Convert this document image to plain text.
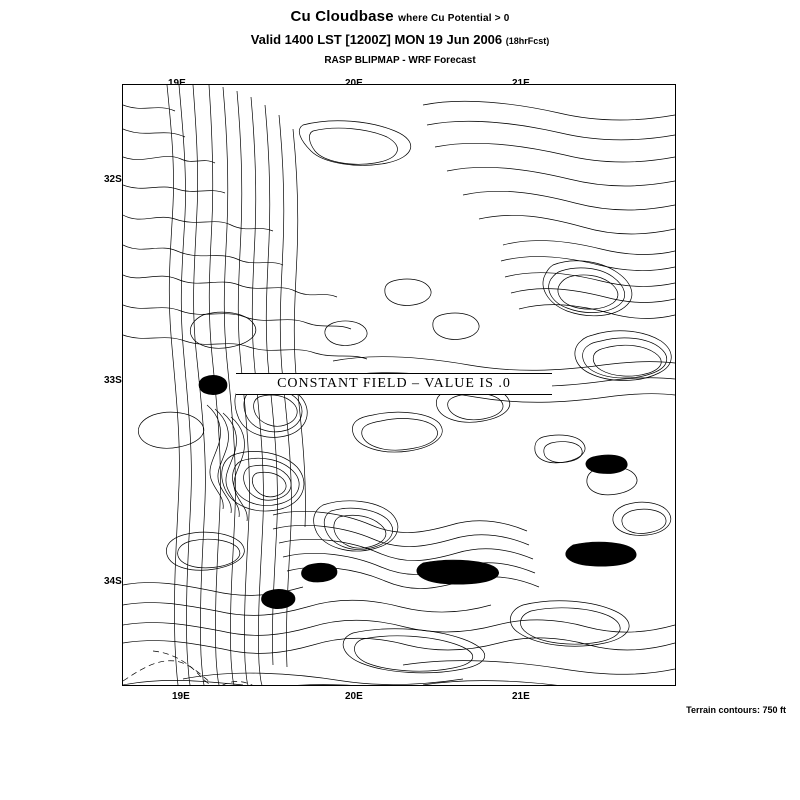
Cu Cloudbase where Cu Potential > 0
Valid 1400 LST [1200Z] MON 19 Jun 2006 (18hrFcst)
RASP BLIPMAP - WRF Forecast
19E	20E	21E
32S
33S
34S
CONSTANT FIELD – VALUE IS .0
Terrain contours: 750 ft
